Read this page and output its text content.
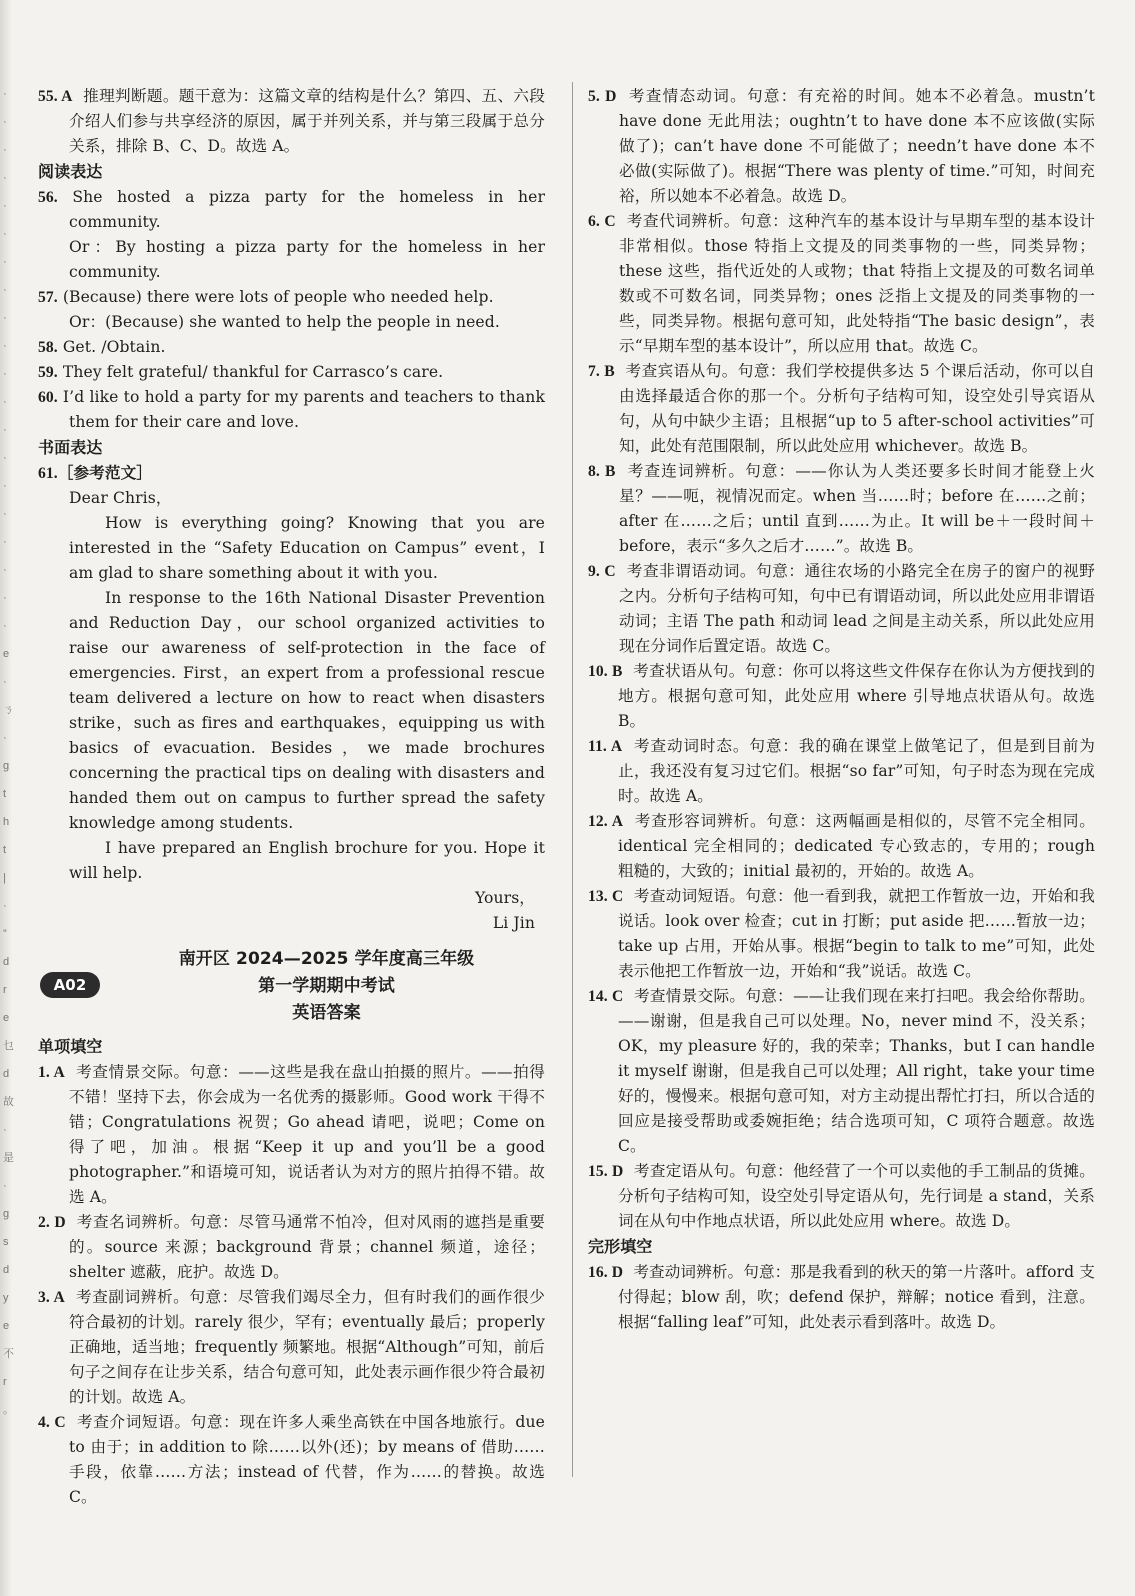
·
·
·
·
·
·
·
·
·
·
·
·
·
·
·
·
·
·
·
·
e
·
ㄋ
·
g
t
h
t
|
·
”
d
r
e
乜
d
故
·
是
·
g
s
d
y
e
不
r
。

55. A 推理判断题。题干意为：这篇文章的结构是什么？第四、五、六段介绍人们参与共享经济的原因，属于并列关系，并与第三段属于总分关系，排除 B、C、D。故选 A。

阅读表达

56. She hosted a pizza party for the homeless in her community.

Or：By hosting a pizza party for the homeless in her community.

57. (Because) there were lots of people who needed help.

Or：(Because) she wanted to help the people in need.

58. Get. /Obtain.

59. They felt grateful/ thankful for Carrasco’s care.

60. I’d like to hold a party for my parents and teachers to thank them for their care and love.

书面表达

61.［参考范文］

Dear Chris，

How is everything going? Knowing that you are interested in the “Safety Education on Campus” event，I am glad to share something about it with you.

In response to the 16th National Disaster Prevention and Reduction Day，our school organized activities to raise our awareness of self-protection in the face of emergencies. First，an expert from a professional rescue team delivered a lecture on how to react when disasters strike，such as fires and earthquakes，equipping us with basics of evacuation. Besides，we made brochures concerning the practical tips on dealing with disasters and handed them out on campus to further spread the safety knowledge among students.

I have prepared an English brochure for you. Hope it will help.

Yours，

Li Jin

A02
南开区 2024—2025 学年度高三年级
第一学期期中考试
英语答案

单项填空

1. A 考查情景交际。句意：——这些是我在盘山拍摄的照片。——拍得不错！坚持下去，你会成为一名优秀的摄影师。Good work 干得不错；Congratulations 祝贺；Go ahead 请吧，说吧；Come on 得了吧，加油。根据“Keep it up and you’ll be a good photographer.”和语境可知，说话者认为对方的照片拍得不错。故选 A。

2. D 考查名词辨析。句意：尽管马通常不怕冷，但对风雨的遮挡是重要的。source 来源；background 背景；channel 频道，途径；shelter 遮蔽，庇护。故选 D。

3. A 考查副词辨析。句意：尽管我们竭尽全力，但有时我们的画作很少符合最初的计划。rarely 很少，罕有；eventually 最后；properly 正确地，适当地；frequently 频繁地。根据“Although”可知，前后句子之间存在让步关系，结合句意可知，此处表示画作很少符合最初的计划。故选 A。

4. C 考查介词短语。句意：现在许多人乘坐高铁在中国各地旅行。due to 由于；in addition to 除……以外(还)；by means of 借助……手段，依靠……方法；instead of 代替，作为……的替换。故选 C。

5. D 考查情态动词。句意：有充裕的时间。她本不必着急。mustn’t have done 无此用法；oughtn’t to have done 本不应该做(实际做了)；can’t have done 不可能做了；needn’t have done 本不必做(实际做了)。根据“There was plenty of time.”可知，时间充裕，所以她本不必着急。故选 D。

6. C 考查代词辨析。句意：这种汽车的基本设计与早期车型的基本设计非常相似。those 特指上文提及的同类事物的一些，同类异物；these 这些，指代近处的人或物；that 特指上文提及的可数名词单数或不可数名词，同类异物；ones 泛指上文提及的同类事物的一些，同类异物。根据句意可知，此处特指“The basic design”，表示“早期车型的基本设计”，所以应用 that。故选 C。

7. B 考查宾语从句。句意：我们学校提供多达 5 个课后活动，你可以自由选择最适合你的那一个。分析句子结构可知，设空处引导宾语从句，从句中缺少主语；且根据“up to 5 after-school activities”可知，此处有范围限制，所以此处应用 whichever。故选 B。

8. B 考查连词辨析。句意：——你认为人类还要多长时间才能登上火星？——呃，视情况而定。when 当……时；before 在……之前；after 在……之后；until 直到……为止。It will be＋一段时间＋before，表示“多久之后才……”。故选 B。

9. C 考查非谓语动词。句意：通往农场的小路完全在房子的窗户的视野之内。分析句子结构可知，句中已有谓语动词，所以此处应用非谓语动词；主语 The path 和动词 lead 之间是主动关系，所以此处应用现在分词作后置定语。故选 C。

10. B 考查状语从句。句意：你可以将这些文件保存在你认为方便找到的地方。根据句意可知，此处应用 where 引导地点状语从句。故选 B。

11. A 考查动词时态。句意：我的确在课堂上做笔记了，但是到目前为止，我还没有复习过它们。根据“so far”可知，句子时态为现在完成时。故选 A。

12. A 考查形容词辨析。句意：这两幅画是相似的，尽管不完全相同。identical 完全相同的；dedicated 专心致志的，专用的；rough 粗糙的，大致的；initial 最初的，开始的。故选 A。

13. C 考查动词短语。句意：他一看到我，就把工作暂放一边，开始和我说话。look over 检查；cut in 打断；put aside 把……暂放一边；take up 占用，开始从事。根据“begin to talk to me”可知，此处表示他把工作暂放一边，开始和“我”说话。故选 C。

14. C 考查情景交际。句意：——让我们现在来打扫吧。我会给你帮助。——谢谢，但是我自己可以处理。No，never mind 不，没关系；OK，my pleasure 好的，我的荣幸；Thanks，but I can handle it myself 谢谢，但是我自己可以处理；All right，take your time 好的，慢慢来。根据句意可知，对方主动提出帮忙打扫，所以合适的回应是接受帮助或委婉拒绝；结合选项可知，C 项符合题意。故选 C。

15. D 考查定语从句。句意：他经营了一个可以卖他的手工制品的货摊。分析句子结构可知，设空处引导定语从句，先行词是 a stand，关系词在从句中作地点状语，所以此处应用 where。故选 D。

完形填空

16. D 考查动词辨析。句意：那是我看到的秋天的第一片落叶。afford 支付得起；blow 刮，吹；defend 保护，辩解；notice 看到，注意。根据“falling leaf”可知，此处表示看到落叶。故选 D。
